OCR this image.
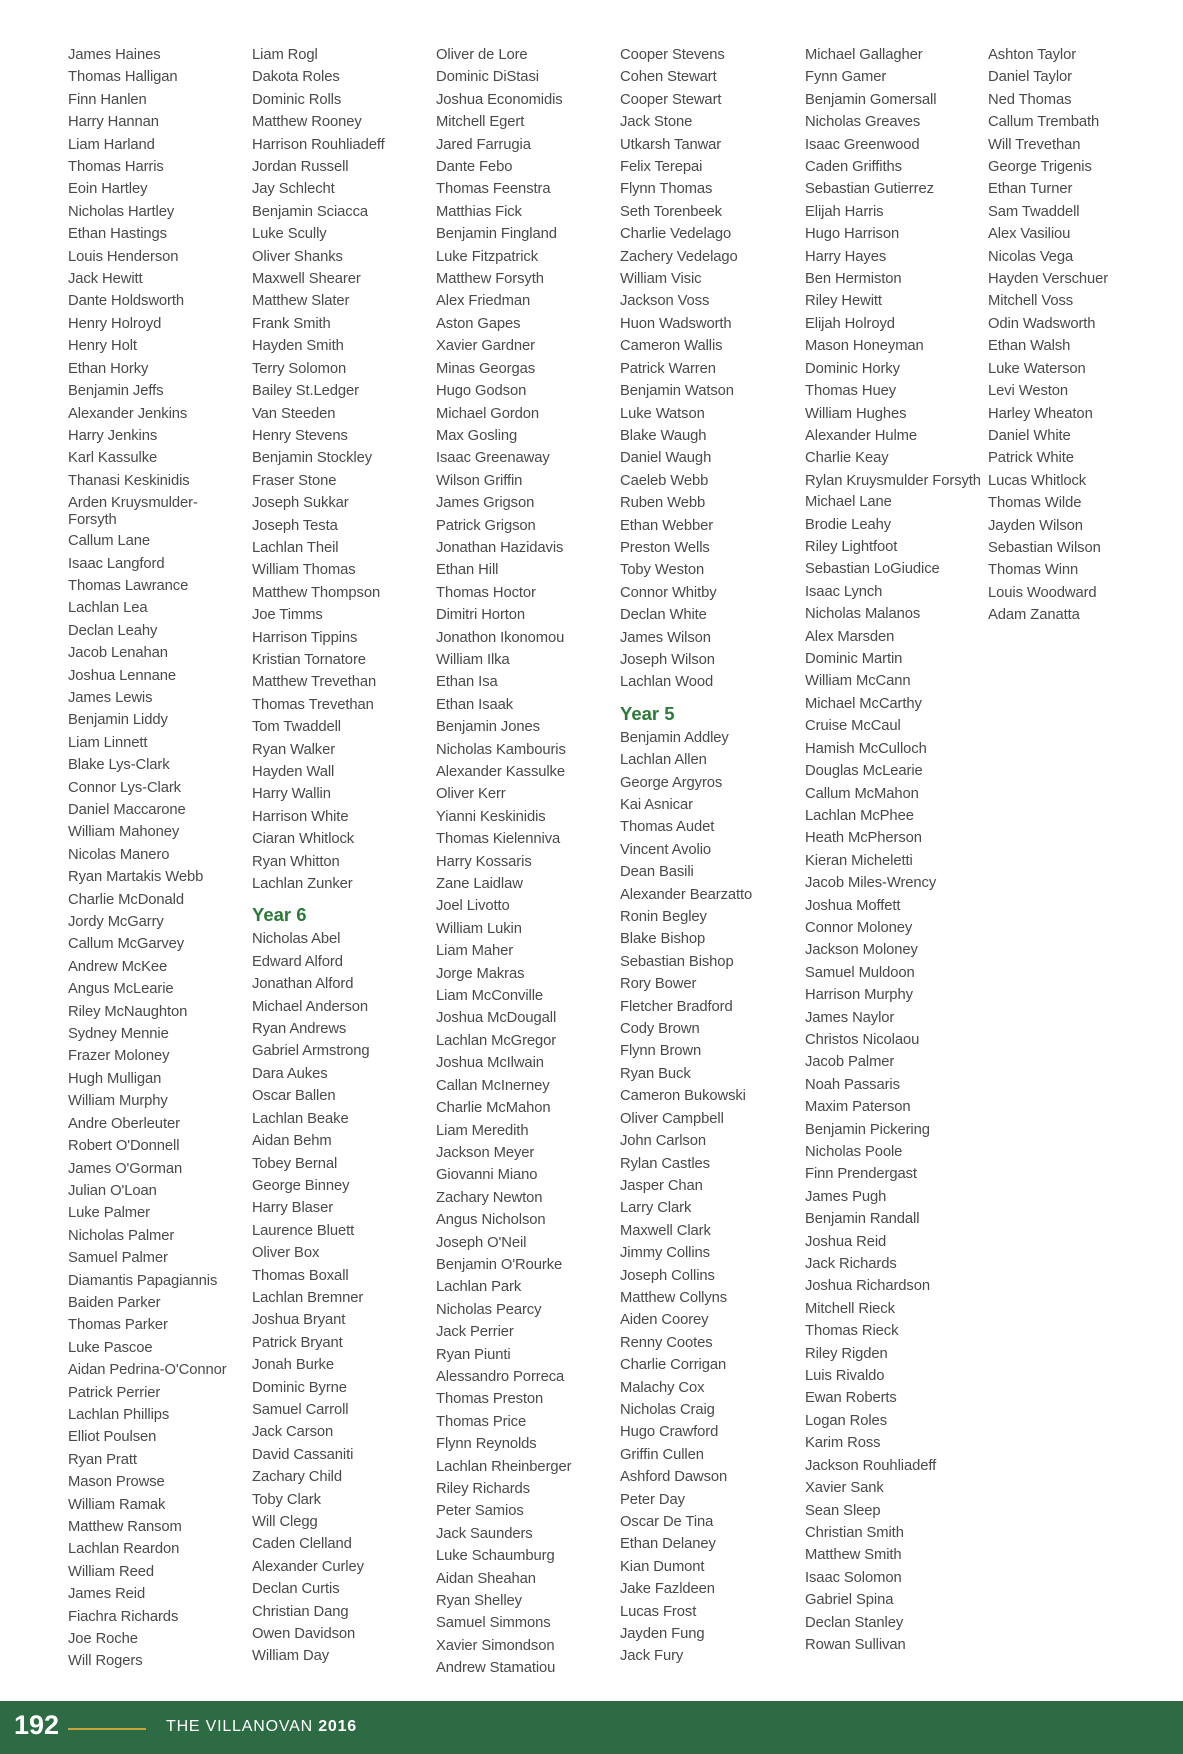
James Haines
Thomas Halligan
Finn Hanlen
Harry Hannan
Liam Harland
Thomas Harris
Eoin Hartley
Nicholas Hartley
Ethan Hastings
Louis Henderson
Jack Hewitt
Dante Holdsworth
Henry Holroyd
Henry Holt
Ethan Horky
Benjamin Jeffs
Alexander Jenkins
Harry Jenkins
Karl Kassulke
Thanasi Keskinidis
Arden Kruysmulder-Forsyth
Callum Lane
Isaac Langford
Thomas Lawrance
Lachlan Lea
Declan Leahy
Jacob Lenahan
Joshua Lennane
James Lewis
Benjamin Liddy
Liam Linnett
Blake Lys-Clark
Connor Lys-Clark
Daniel Maccarone
William Mahoney
Nicolas Manero
Ryan Martakis Webb
Charlie McDonald
Jordy McGarry
Callum McGarvey
Andrew McKee
Angus McLearie
Riley McNaughton
Sydney Mennie
Frazer Moloney
Hugh Mulligan
William Murphy
Andre Oberleuter
Robert O'Donnell
James O'Gorman
Julian O'Loan
Luke Palmer
Nicholas Palmer
Samuel Palmer
Diamantis Papagiannis
Baiden Parker
Thomas Parker
Luke Pascoe
Aidan Pedrina-O'Connor
Patrick Perrier
Lachlan Phillips
Elliot Poulsen
Ryan Pratt
Mason Prowse
William Ramak
Matthew Ransom
Lachlan Reardon
William Reed
James Reid
Fiachra Richards
Joe Roche
Will Rogers
Liam Rogl
Dakota Roles
Dominic Rolls
Matthew Rooney
Harrison Rouhliadeff
Jordan Russell
Jay Schlecht
Benjamin Sciacca
Luke Scully
Oliver Shanks
Maxwell Shearer
Matthew Slater
Frank Smith
Hayden Smith
Terry Solomon
Bailey St.Ledger
Van Steeden
Henry Stevens
Benjamin Stockley
Fraser Stone
Joseph Sukkar
Joseph Testa
Lachlan Theil
William Thomas
Matthew Thompson
Joe Timms
Harrison Tippins
Kristian Tornatore
Matthew Trevethan
Thomas Trevethan
Tom Twaddell
Ryan Walker
Hayden Wall
Harry Wallin
Harrison White
Ciaran Whitlock
Ryan Whitton
Lachlan Zunker
Year 6
Nicholas Abel
Edward Alford
Jonathan Alford
Michael Anderson
Ryan Andrews
Gabriel Armstrong
Dara Aukes
Oscar Ballen
Lachlan Beake
Aidan Behm
Tobey Bernal
George Binney
Harry Blaser
Laurence Bluett
Oliver Box
Thomas Boxall
Lachlan Bremner
Joshua Bryant
Patrick Bryant
Jonah Burke
Dominic Byrne
Samuel Carroll
Jack Carson
David Cassaniti
Zachary Child
Toby Clark
Will Clegg
Caden Clelland
Alexander Curley
Declan Curtis
Christian Dang
Owen Davidson
William Day
Oliver de Lore
Dominic DiStasi
Joshua Economidis
Mitchell Egert
Jared Farrugia
Dante Febo
Thomas Feenstra
Matthias Fick
Benjamin Fingland
Luke Fitzpatrick
Matthew Forsyth
Alex Friedman
Aston Gapes
Xavier Gardner
Minas Georgas
Hugo Godson
Michael Gordon
Max Gosling
Isaac Greenaway
Wilson Griffin
James Grigson
Patrick Grigson
Jonathan Hazidavis
Ethan Hill
Thomas Hoctor
Dimitri Horton
Jonathon Ikonomou
William Ilka
Ethan Isa
Ethan Isaak
Benjamin Jones
Nicholas Kambouris
Alexander Kassulke
Oliver Kerr
Yianni Keskinidis
Thomas Kielenniva
Harry Kossaris
Zane Laidlaw
Joel Livotto
William Lukin
Liam Maher
Jorge Makras
Liam McConville
Joshua McDougall
Lachlan McGregor
Joshua McIlwain
Callan McInerney
Charlie McMahon
Liam Meredith
Jackson Meyer
Giovanni Miano
Zachary Newton
Angus Nicholson
Joseph O'Neil
Benjamin O'Rourke
Lachlan Park
Nicholas Pearcy
Jack Perrier
Ryan Piunti
Alessandro Porreca
Thomas Preston
Thomas Price
Flynn Reynolds
Lachlan Rheinberger
Riley Richards
Peter Samios
Jack Saunders
Luke Schaumburg
Aidan Sheahan
Ryan Shelley
Samuel Simmons
Xavier Simondson
Andrew Stamatiou
Cooper Stevens
Cohen Stewart
Cooper Stewart
Jack Stone
Utkarsh Tanwar
Felix Terepai
Flynn Thomas
Seth Torenbeek
Charlie Vedelago
Zachery Vedelago
William Visic
Jackson Voss
Huon Wadsworth
Cameron Wallis
Patrick Warren
Benjamin Watson
Luke Watson
Blake Waugh
Daniel Waugh
Caeleb Webb
Ruben Webb
Ethan Webber
Preston Wells
Toby Weston
Connor Whitby
Declan White
James Wilson
Joseph Wilson
Lachlan Wood
Year 5
Benjamin Addley
Lachlan Allen
George Argyros
Kai Asnicar
Thomas Audet
Vincent Avolio
Dean Basili
Alexander Bearzatto
Ronin Begley
Blake Bishop
Sebastian Bishop
Rory Bower
Fletcher Bradford
Cody Brown
Flynn Brown
Ryan Buck
Cameron Bukowski
Oliver Campbell
John Carlson
Rylan Castles
Jasper Chan
Larry Clark
Maxwell Clark
Jimmy Collins
Joseph Collins
Matthew Collyns
Aiden Coorey
Renny Cootes
Charlie Corrigan
Malachy Cox
Nicholas Craig
Hugo Crawford
Griffin Cullen
Ashford Dawson
Peter Day
Oscar De Tina
Ethan Delaney
Kian Dumont
Jake Fazldeen
Lucas Frost
Jayden Fung
Jack Fury
Michael Gallagher
Fynn Gamer
Benjamin Gomersall
Nicholas Greaves
Isaac Greenwood
Caden Griffiths
Sebastian Gutierrez
Elijah Harris
Hugo Harrison
Harry Hayes
Ben Hermiston
Riley Hewitt
Elijah Holroyd
Mason Honeyman
Dominic Horky
Thomas Huey
William Hughes
Alexander Hulme
Charlie Keay
Rylan Kruysmulder Forsyth
Michael Lane
Brodie Leahy
Riley Lightfoot
Sebastian LoGiudice
Isaac Lynch
Nicholas Malanos
Alex Marsden
Dominic Martin
William McCann
Michael McCarthy
Cruise McCaul
Hamish McCulloch
Douglas McLearie
Callum McMahon
Lachlan McPhee
Heath McPherson
Kieran Micheletti
Jacob Miles-Wrency
Joshua Moffett
Connor Moloney
Jackson Moloney
Samuel Muldoon
Harrison Murphy
James Naylor
Christos Nicolaou
Jacob Palmer
Noah Passaris
Maxim Paterson
Benjamin Pickering
Nicholas Poole
Finn Prendergast
James Pugh
Benjamin Randall
Joshua Reid
Jack Richards
Joshua Richardson
Mitchell Rieck
Thomas Rieck
Riley Rigden
Luis Rivaldo
Ewan Roberts
Logan Roles
Karim Ross
Jackson Rouhliadeff
Xavier Sank
Sean Sleep
Christian Smith
Matthew Smith
Isaac Solomon
Gabriel Spina
Declan Stanley
Rowan Sullivan
Ashton Taylor
Daniel Taylor
Ned Thomas
Callum Trembath
Will Trevethan
George Trigenis
Ethan Turner
Sam Twaddell
Alex Vasiliou
Nicolas Vega
Hayden Verschuer
Mitchell Voss
Odin Wadsworth
Ethan Walsh
Luke Waterson
Levi Weston
Harley Wheaton
Daniel White
Patrick White
Lucas Whitlock
Thomas Wilde
Jayden Wilson
Sebastian Wilson
Thomas Winn
Louis Woodward
Adam Zanatta
192	THE VILLANOVAN 2016
